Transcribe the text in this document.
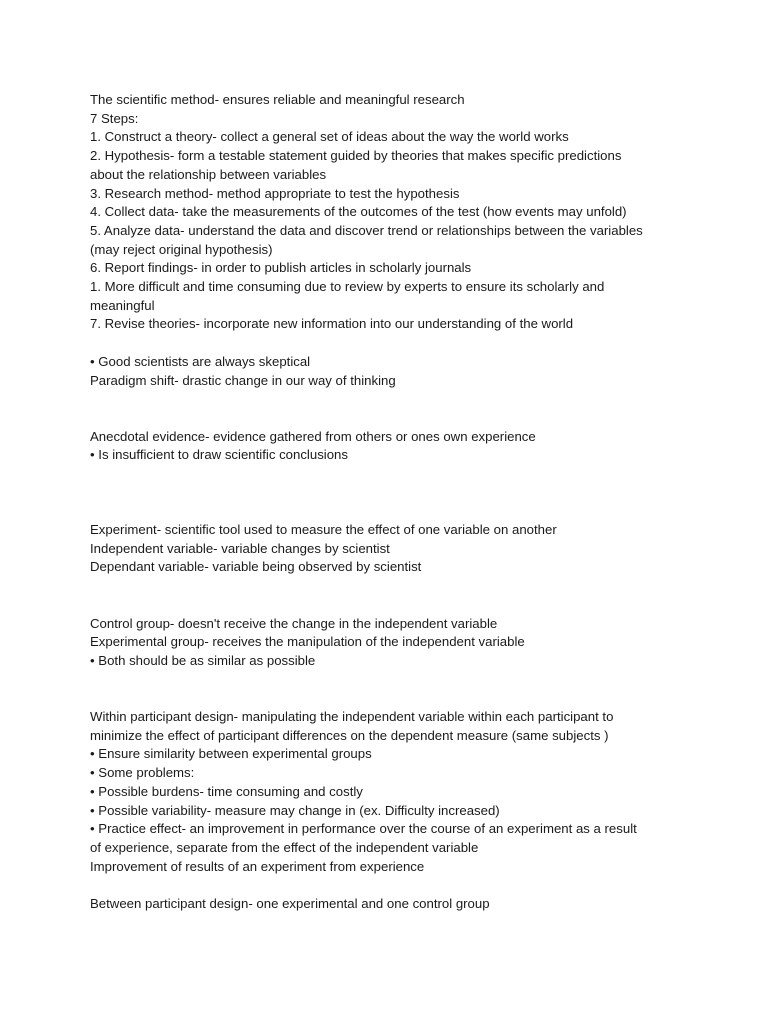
The scientific method- ensures reliable and meaningful research
7 Steps:
1. Construct a theory- collect a general set of ideas about the way the world works
2. Hypothesis- form a testable statement guided by theories that makes specific predictions
about the relationship between variables
3. Research method- method appropriate to test the hypothesis
4. Collect data- take the measurements of the outcomes of the test (how events may unfold)
5. Analyze data- understand the data and discover trend or relationships between the variables
(may reject original hypothesis)
6. Report findings- in order to publish articles in scholarly journals
1. More difficult and time consuming due to review by experts to ensure its scholarly and
meaningful
7. Revise theories- incorporate new information into our understanding of the world
• Good scientists are always skeptical
Paradigm shift- drastic change in our way of thinking
Anecdotal evidence- evidence gathered from others or ones own experience
• Is insufficient to draw scientific conclusions
Experiment- scientific tool used to measure the effect of one variable on another
Independent variable- variable changes by scientist
Dependant variable- variable being observed by scientist
Control group- doesn't receive the change in the independent variable
Experimental group- receives the manipulation of the independent variable
• Both should be as similar as possible
Within participant design- manipulating the independent variable within each participant to
minimize the effect of participant differences on the dependent measure (same subjects )
• Ensure similarity between experimental groups
• Some problems:
• Possible burdens- time consuming and costly
• Possible variability- measure may change in (ex. Difficulty increased)
• Practice effect- an improvement in performance over the course of an experiment as a result
of experience, separate from the effect of the independent variable
Improvement of results of an experiment from experience
Between participant design- one experimental and one control group
